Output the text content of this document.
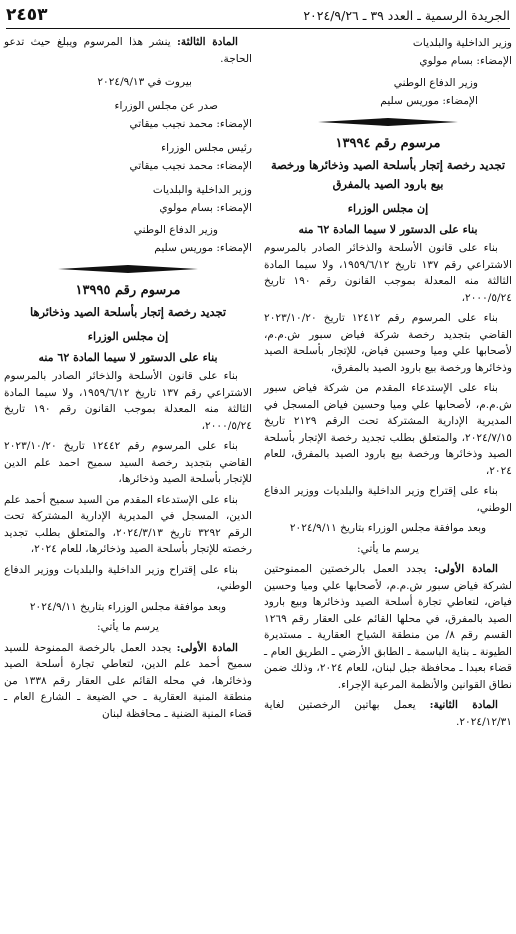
الجريدة الرسمية ـ العدد ٣٩ ـ ٢٠٢٤/٩/٢٦
٢٤٥٣

وزير الداخلية والبلديات

الإمضاء: بسام مولوي

وزير الدفاع الوطني

الإمضاء: موريس سليم

مرسوم رقم ١٣٩٩٤
تجديد رخصة إتجار بأسلحة الصيد وذخائرها ورخصة بيع بارود الصيد بالمفرق
إن مجلس الوزراء
بناء على الدستور لا سيما المادة ٦٢ منه

بناء على قانون الأسلحة والذخائر الصادر بالمرسوم الاشتراعي رقم ١٣٧ تاريخ ١٩٥٩/٦/١٢، ولا سيما المادة الثالثة منه المعدلة بموجب القانون رقم ١٩٠ تاريخ ٢٠٠٠/٥/٢٤،

بناء على المرسوم رقم ١٢٤١٢ تاريخ ٢٠٢٣/١٠/٢٠ القاضي بتجديد رخصة شركة فياض سبور ش.م.م، لأصحابها علي وميا وحسين فياض، للإتجار بأسلحة الصيد وذخائرها ورخصة بيع بارود الصيد بالمفرق،

بناء على الإستدعاء المقدم من شركة فياض سبور ش.م.م، لأصحابها علي وميا وحسين فياض المسجل في المديرية الإدارية المشتركة تحت الرقم ٢١٢٩ تاريخ ٢٠٢٤/٧/١٥، والمتعلق بطلب تجديد رخصة الإتجار بأسلحة الصيد وذخائرها ورخصة بيع بارود الصيد بالمفرق، للعام ٢٠٢٤،

بناء على إقتراح وزير الداخلية والبلديات ووزير الدفاع الوطني،

وبعد موافقة مجلس الوزراء بتاريخ ٢٠٢٤/٩/١١

يرسم ما يأتي:

المادة الأولى: يجدد العمل بالرخصتين الممنوحتين لشركة فياض سبور ش.م.م، لأصحابها علي وميا وحسين فياض، لتعاطي تجارة أسلحة الصيد وذخائرها وبيع بارود الصيد بالمفرق، في محلها القائم على العقار رقم ١٢٦٩ القسم رقم ٨/ من منطقة الشياح العقارية ـ مستديرة الطيونة ـ بناية الباسمة ـ الطابق الأرضي ـ الطريق العام ـ قضاء بعبدا ـ محافظة جبل لبنان، للعام ٢٠٢٤، وذلك ضمن نطاق القوانين والأنظمة المرعية الإجراء.

المادة الثانية: يعمل بهاتين الرخصتين لغاية ٢٠٢٤/١٢/٣١.

المادة الثالثة: ينشر هذا المرسوم ويبلغ حيث تدعو الحاجة.

بيروت في ٢٠٢٤/٩/١٣

صدر عن مجلس الوزراء

الإمضاء: محمد نجيب ميقاتي

رئيس مجلس الوزراء

الإمضاء: محمد نجيب ميقاتي

وزير الداخلية والبلديات

الإمضاء: بسام مولوي

وزير الدفاع الوطني

الإمضاء: موريس سليم

مرسوم رقم ١٣٩٩٥
تجديد رخصة إتجار بأسلحة الصيد وذخائرها
إن مجلس الوزراء
بناء على الدستور لا سيما المادة ٦٢ منه

بناء على قانون الأسلحة والذخائر الصادر بالمرسوم الاشتراعي رقم ١٣٧ تاريخ ١٩٥٩/٦/١٢، ولا سيما المادة الثالثة منه المعدلة بموجب القانون رقم ١٩٠ تاريخ ٢٠٠٠/٥/٢٤،

بناء على المرسوم رقم ١٢٤٤٢ تاريخ ٢٠٢٣/١٠/٢٠ القاضي بتجديد رخصة السيد سميح احمد علم الدين للإتجار بأسلحة الصيد وذخائرها،

بناء على الإستدعاء المقدم من السيد سميح أحمد علم الدين، المسجل في المديرية الإدارية المشتركة تحت الرقم ٣٢٩٢ تاريخ ٢٠٢٤/٣/١٣، والمتعلق بطلب تجديد رخصته للإتجار بأسلحة الصيد وذخائرها، للعام ٢٠٢٤،

بناء على إقتراح وزير الداخلية والبلديات ووزير الدفاع الوطني،

وبعد موافقة مجلس الوزراء بتاريخ ٢٠٢٤/٩/١١

يرسم ما يأتي:

المادة الأولى: يجدد العمل بالرخصة الممنوحة للسيد سميح أحمد علم الدين، لتعاطي تجارة أسلحة الصيد وذخائرها، في محله القائم على العقار رقم ١٣٣٨ من منطقة المنية العقارية ـ حي الضيعة ـ الشارع العام ـ قضاء المنية الضنية ـ محافظة لبنان
